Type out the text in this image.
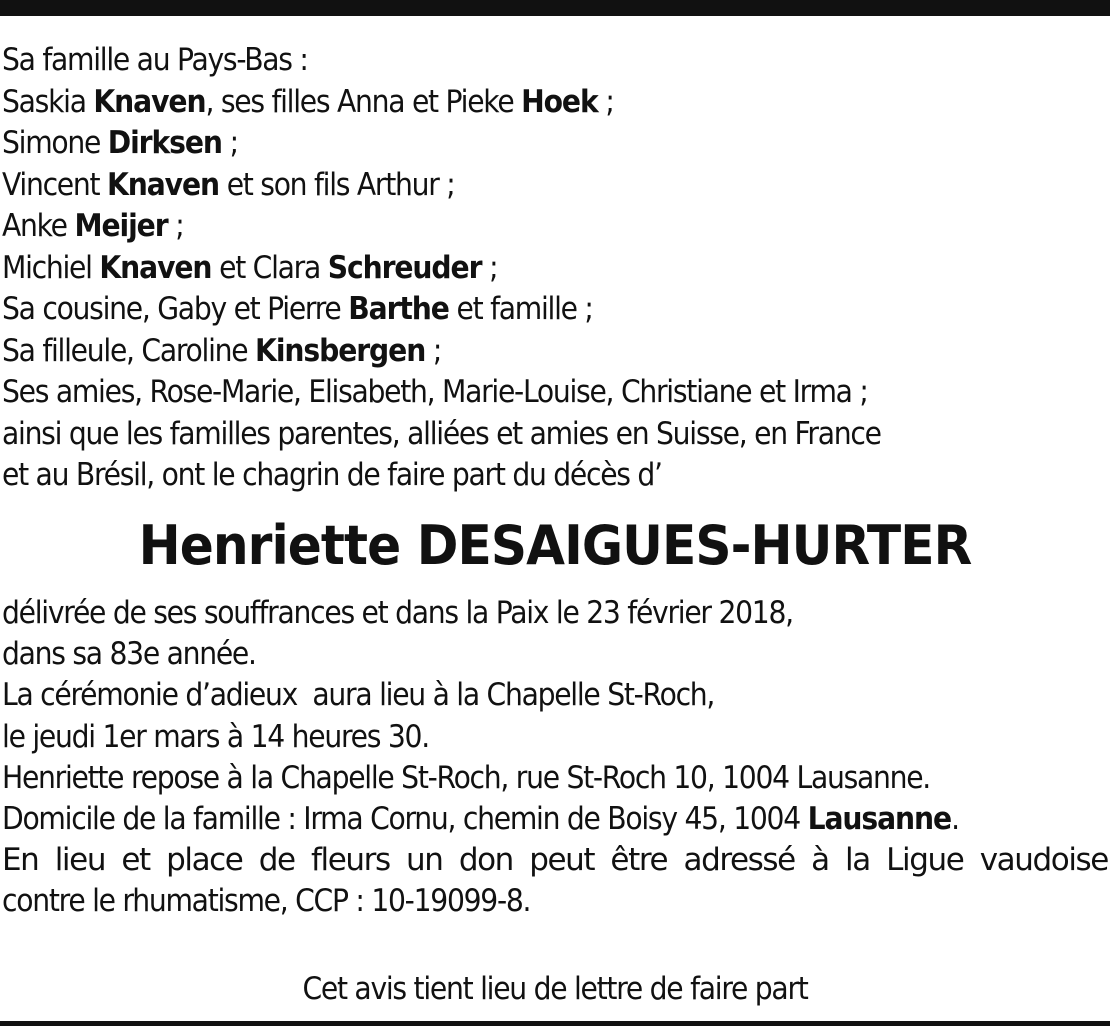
Sa famille au Pays-Bas :
Saskia Knaven, ses filles Anna et Pieke Hoek ;
Simone Dirksen ;
Vincent Knaven et son fils Arthur ;
Anke Meijer ;
Michiel Knaven et Clara Schreuder ;
Sa cousine, Gaby et Pierre Barthe et famille ;
Sa filleule, Caroline Kinsbergen ;
Ses amies, Rose-Marie, Elisabeth, Marie-Louise, Christiane et Irma ;
ainsi que les familles parentes, alliées et amies en Suisse, en France
et au Brésil, ont le chagrin de faire part du décès d’
Henriette DESAIGUES-HURTER
délivrée de ses souffrances et dans la Paix le 23 février 2018,
dans sa 83e année.
La cérémonie d’adieux  aura lieu à la Chapelle St-Roch,
le jeudi 1er mars à 14 heures 30.
Henriette repose à la Chapelle St-Roch, rue St-Roch 10, 1004 Lausanne.
Domicile de la famille : Irma Cornu, chemin de Boisy 45, 1004 Lausanne.
En lieu et place de fleurs un don peut être adressé à la Ligue vaudoise
contre le rhumatisme, CCP : 10-19099-8.
Cet avis tient lieu de lettre de faire part
